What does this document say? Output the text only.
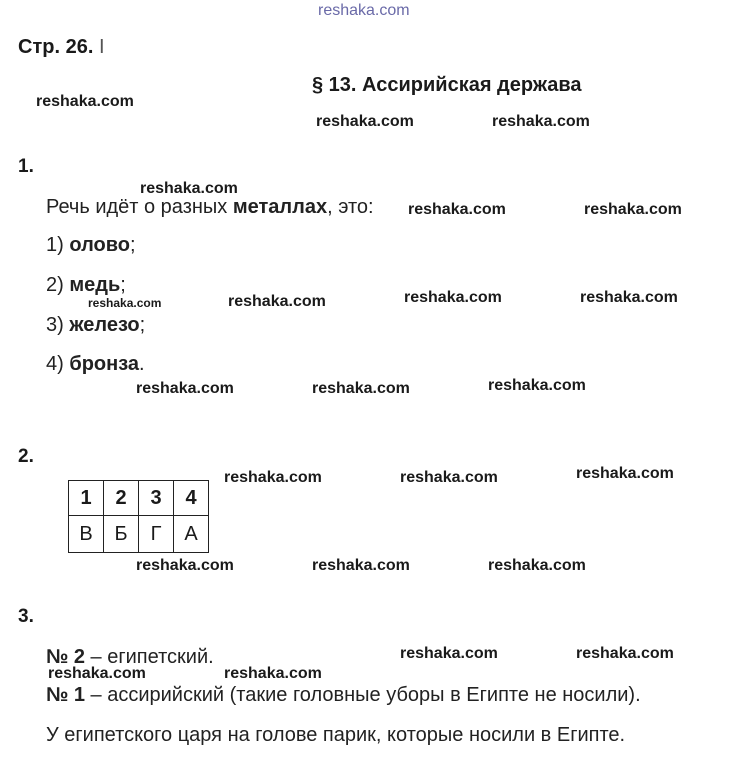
reshaka.com
Стр. 26. I
§ 13. Ассирийская держава
1.
Речь идёт о разных металлах, это:
1) олово;
2) медь;
3) железо;
4) бронза.
2.
1	2	3	4
В	Б	Г	А
3.
№ 2 – египетский.
№ 1 – ассирийский (такие головные уборы в Египте не носили).
У египетского царя на голове парик, которые носили в Египте.
reshaka.com
reshaka.com	reshaka.com
reshaka.com
reshaka.com	reshaka.com
reshaka.com	reshaka.com	reshaka.com	reshaka.com
reshaka.com	reshaka.com	reshaka.com
reshaka.com	reshaka.com	reshaka.com
reshaka.com	reshaka.com	reshaka.com
reshaka.com	reshaka.com
reshaka.com	reshaka.com
